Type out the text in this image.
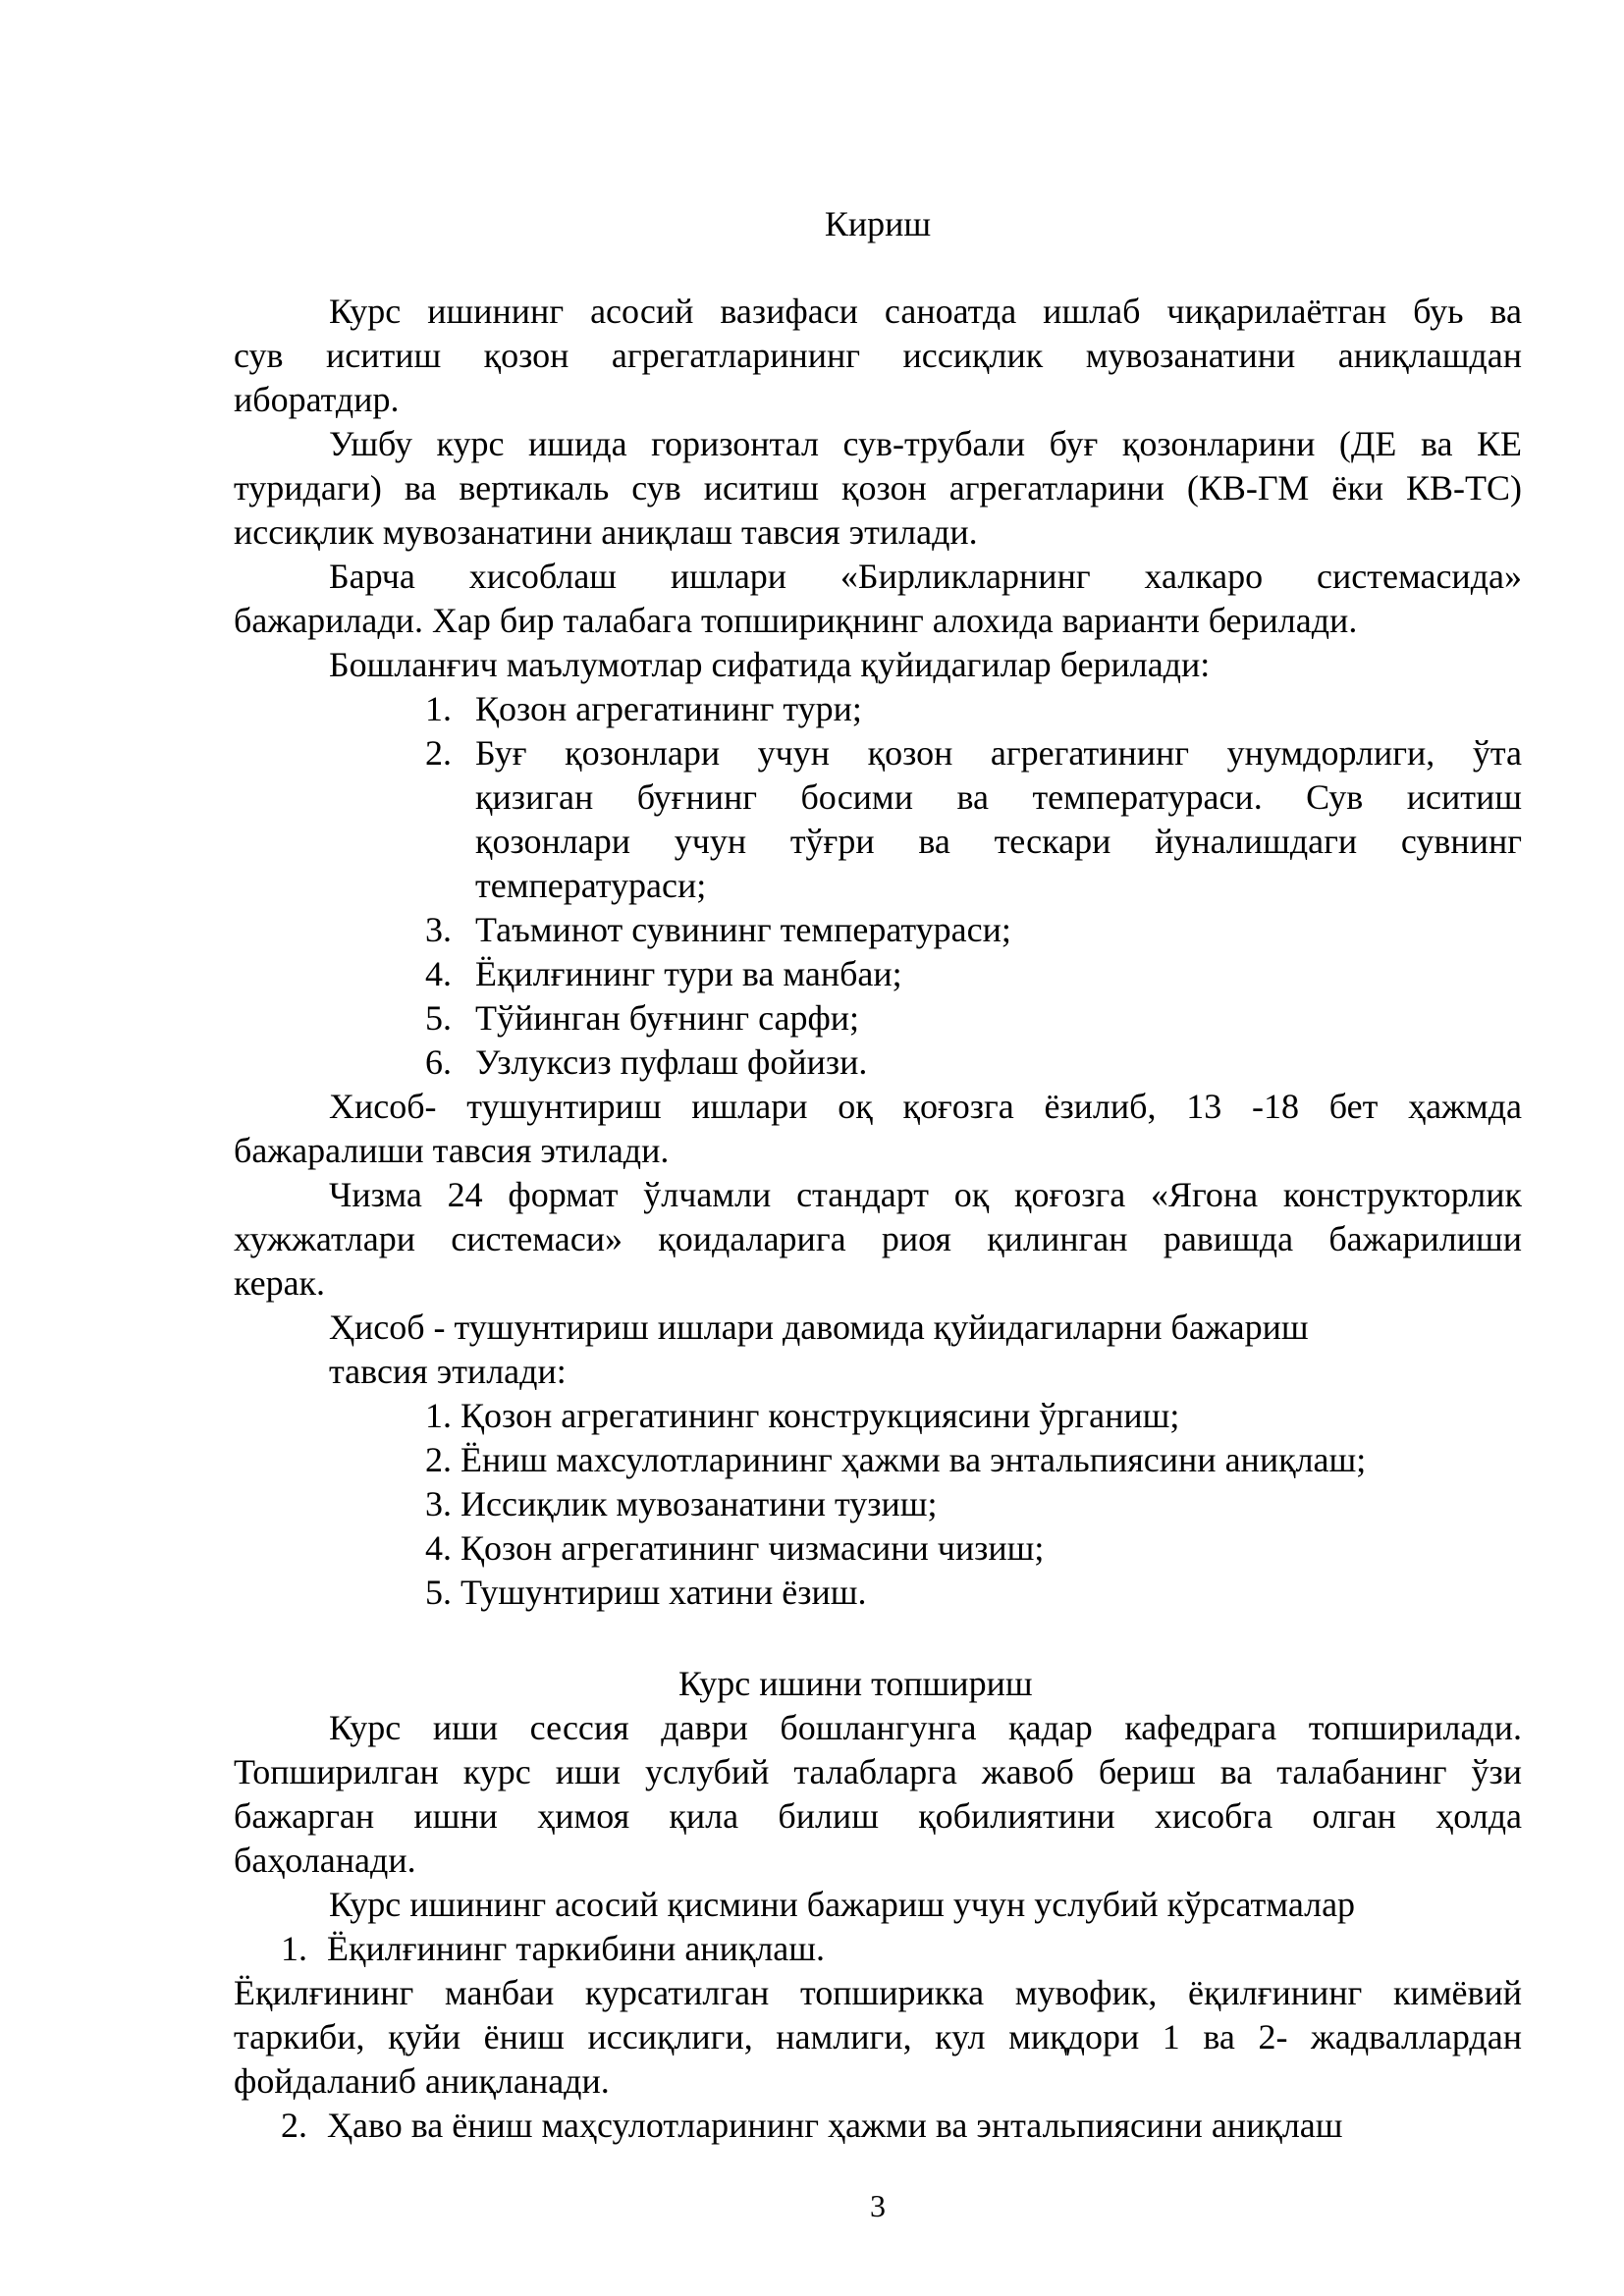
Кириш
Курс ишининг асосий вазифаси саноатда ишлаб чиқарилаётган буь ва
сув иситиш қозон агрегатларининг иссиқлик мувозанатини аниқлашдан
иборатдир.
Ушбу курс ишида горизонтал сув-трубали буғ қозонларини (ДЕ ва КЕ
туридаги) ва вертикаль сув иситиш қозон агрегатларини (КВ-ГМ ёки КВ-ТС)
иссиқлик мувозанатини аниқлаш тавсия этилади.
Барча хисоблаш ишлари «Бирликларнинг халкаро системасида»
бажарилади. Хар бир талабага топшириқнинг алохида варианти берилади.
Бошланғич маълумотлар сифатида қуйидагилар берилади:
1. Қозон агрегатининг тури;
2. Буғ қозонлари учун қозон агрегатининг унумдорлиги, ўта
қизиган буғнинг босими ва температураси. Сув иситиш
қозонлари учун тўғри ва тескари йуналишдаги сувнинг
температураси;
3. Таъминот сувининг температураси;
4. Ёқилғининг тури ва манбаи;
5. Тўйинган буғнинг сарфи;
6. Узлуксиз пуфлаш фойизи.
Хисоб- тушунтириш ишлари оқ қоғозга ёзилиб, 13 -18 бет ҳажмда
бажаралиши тавсия этилади.
Чизма 24 формат ўлчамли стандарт оқ қоғозга «Ягона конструкторлик
хужжатлари системаси» қоидаларига риоя қилинган равишда бажарилиши
керак.
Ҳисоб - тушунтириш ишлари давомида қуйидагиларни бажариш
тавсия этилади:
1. Қозон агрегатининг конструкциясини ўрганиш;
2. Ёниш махсулотларининг ҳажми ва энтальпиясини аниқлаш;
3. Иссиқлик мувозанатини тузиш;
4. Қозон агрегатининг чизмасини чизиш;
5. Тушунтириш хатини ёзиш.
Курс ишини топшириш
Курс иши сессия даври бошлангунга қадар кафедрага топширилади.
Топширилган курс иши услубий талабларга жавоб бериш ва талабанинг ўзи
бажарган ишни ҳимоя қила билиш қобилиятини хисобга олган ҳолда
баҳоланади.
Курс ишининг асосий қисмини бажариш учун услубий кўрсатмалар
1. Ёқилғининг таркибини аниқлаш.
Ёқилғининг манбаи курсатилган топширикка мувофик, ёқилғининг кимёвий
таркиби, қуйи ёниш иссиқлиги, намлиги, кул миқдори 1 ва 2- жадваллардан
фойдаланиб аниқланади.
2. Ҳаво ва ёниш маҳсулотларининг ҳажми ва энтальпиясини аниқлаш
3
